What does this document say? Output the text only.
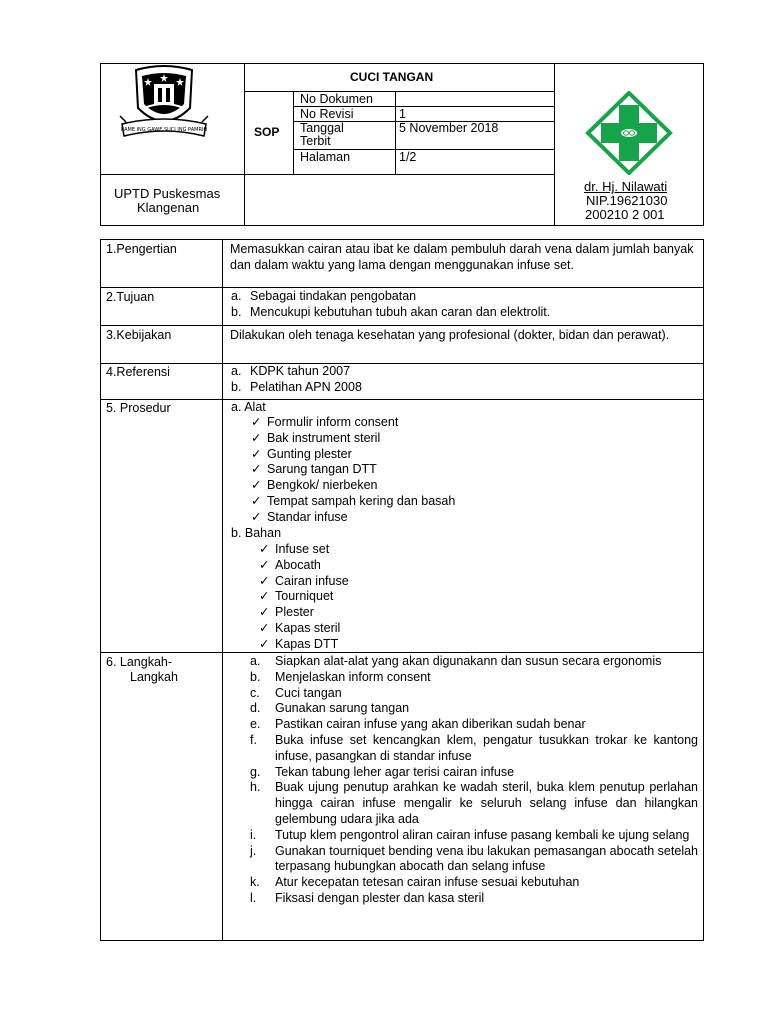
RAME ING GAWE SUCI ING PAMRIH
CUCI TANGAN
SOP
No Dokumen
No Revisi	1
Tanggal
Terbit
5 November 2018
Halaman	1/2
UPTD Puskesmas
Klangenan
dr. Hj. Nilawati
NIP.19621030
200210 2 001
1.Pengertian	Memasukkan cairan atau ibat ke dalam pembuluh darah vena dalam jumlah banyak dan dalam waktu yang lama dengan menggunakan infuse set.
2.Tujuan	a. Sebagai tindakan pengobatan
b. Mencukupi kebutuhan tubuh akan caran dan elektrolit.
3.Kebijakan	Dilakukan oleh tenaga kesehatan yang profesional (dokter, bidan dan perawat).
4.Referensi	a. KDPK tahun 2007
b. Pelatihan APN 2008
5. Prosedur	a. Alat
✓ Formulir inform consent
✓ Bak instrument steril
✓ Gunting plester
✓ Sarung tangan DTT
✓ Bengkok/ nierbeken
✓ Tempat sampah kering dan basah
✓ Standar infuse
b. Bahan
✓ Infuse set
✓ Abocath
✓ Cairan infuse
✓ Tourniquet
✓ Plester
✓ Kapas steril
✓ Kapas DTT
6. Langkah-
Langkah
a.	Siapkan alat-alat yang akan digunakann dan susun secara ergonomis
b.	Menjelaskan inform consent
c.	Cuci tangan
d.	Gunakan sarung tangan
e.	Pastikan cairan infuse yang akan diberikan sudah benar
f.	Buka infuse set kencangkan klem, pengatur tusukkan trokar ke kantong infuse, pasangkan di standar infuse
g.	Tekan tabung leher agar terisi cairan infuse
h.	Buak ujung penutup arahkan ke wadah steril, buka klem penutup perlahan hingga cairan infuse mengalir ke seluruh selang infuse dan hilangkan gelembung udara jika ada
i.	Tutup klem pengontrol aliran cairan infuse pasang kembali ke ujung selang
j.	Gunakan tourniquet bending vena ibu lakukan pemasangan abocath setelah terpasang hubungkan abocath dan selang infuse
k.	Atur kecepatan tetesan cairan infuse sesuai kebutuhan
l.	Fiksasi dengan plester dan kasa steril
